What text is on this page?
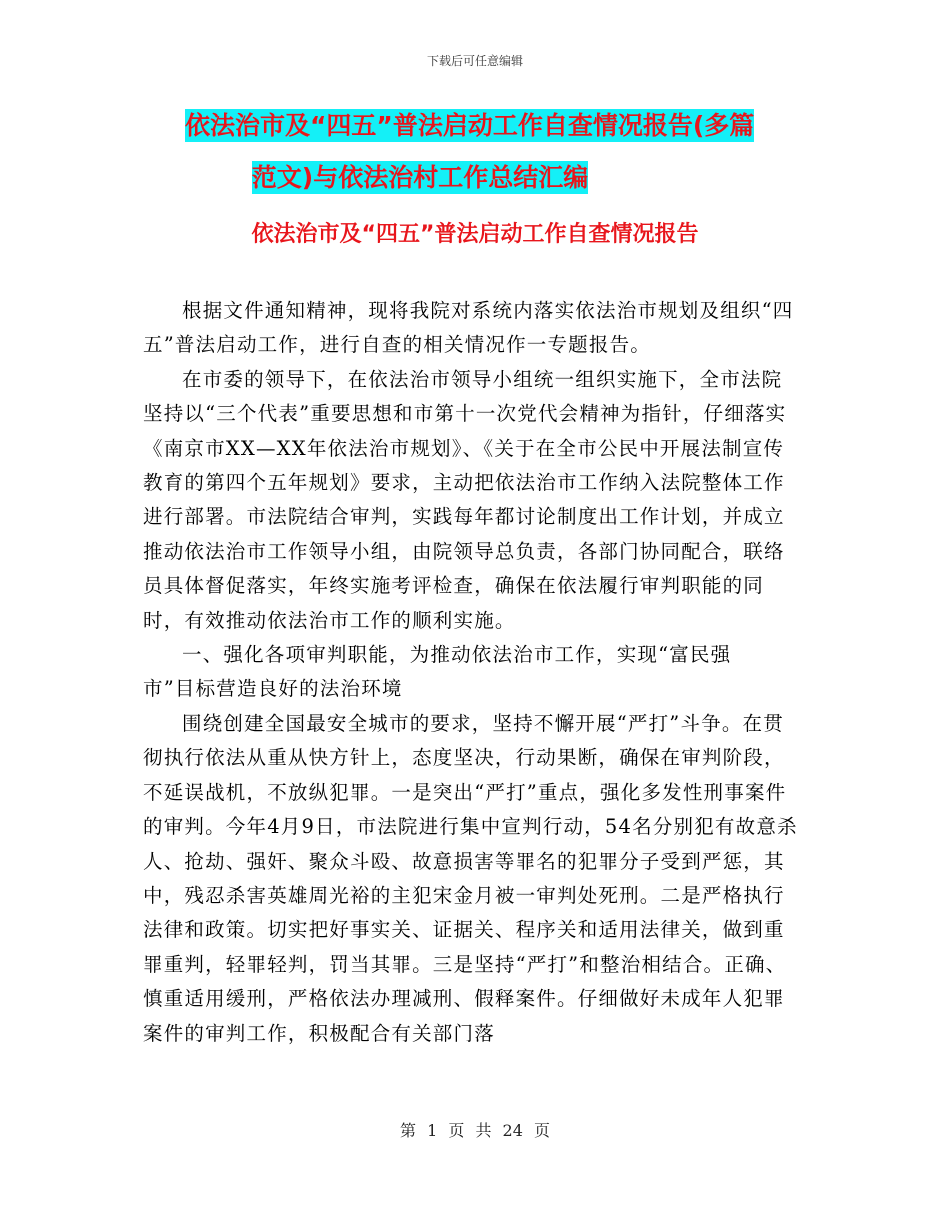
下载后可任意编辑
依法治市及“四五”普法启动工作自查情况报告(多篇
范文)与依法治村工作总结汇编
依法治市及“四五”普法启动工作自查情况报告

根据文件通知精神，现将我院对系统内落实依法治市规划及组织“四五”普法启动工作，进行自查的相关情况作一专题报告。

在市委的领导下，在依法治市领导小组统一组织实施下，全市法院坚持以“三个代表”重要思想和市第十一次党代会精神为指针，仔细落实《南京市XX—XX年依法治市规划》、《关于在全市公民中开展法制宣传教育的第四个五年规划》要求，主动把依法治市工作纳入法院整体工作进行部署。市法院结合审判，实践每年都讨论制度出工作计划，并成立推动依法治市工作领导小组，由院领导总负责，各部门协同配合，联络员具体督促落实，年终实施考评检查，确保在依法履行审判职能的同时，有效推动依法治市工作的顺利实施。

一、强化各项审判职能，为推动依法治市工作，实现“富民强市”目标营造良好的法治环境

围绕创建全国最安全城市的要求，坚持不懈开展“严打”斗争。在贯彻执行依法从重从快方针上，态度坚决，行动果断，确保在审判阶段，不延误战机，不放纵犯罪。一是突出“严打”重点，强化多发性刑事案件的审判。今年4月9日，市法院进行集中宣判行动，54名分别犯有故意杀人、抢劫、强奸、聚众斗殴、故意损害等罪名的犯罪分子受到严惩，其中，残忍杀害英雄周光裕的主犯宋金月被一审判处死刑。二是严格执行法律和政策。切实把好事实关、证据关、程序关和适用法律关，做到重罪重判，轻罪轻判，罚当其罪。三是坚持“严打”和整治相结合。正确、慎重适用缓刑，严格依法办理减刑、假释案件。仔细做好未成年人犯罪案件的审判工作，积极配合有关部门落

第 1 页 共 24 页
